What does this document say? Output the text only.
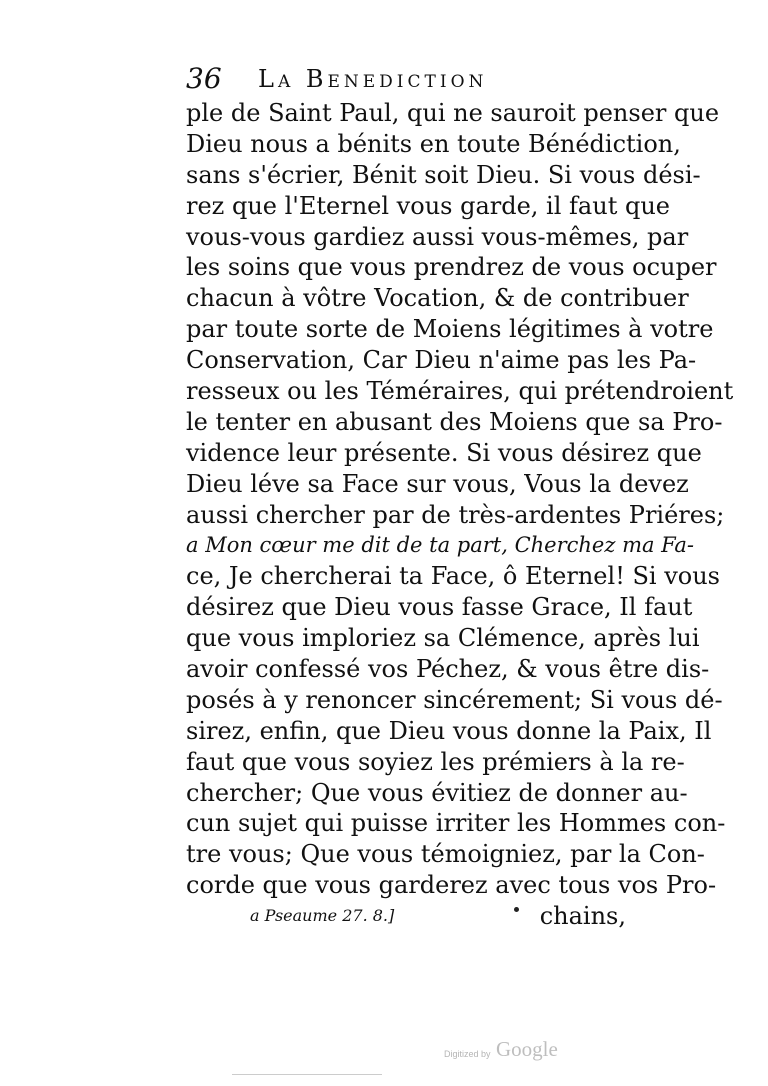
36 La Benediction
ple de Saint Paul, qui ne sauroit penser que
Dieu nous a bénits en toute Bénédiction,
sans s'écrier, Bénit soit Dieu. Si vous dési-
rez que l'Eternel vous garde, il faut que
vous-vous gardiez aussi vous-mêmes, par
les soins que vous prendrez de vous ocuper
chacun à vôtre Vocation, & de contribuer
par toute sorte de Moiens légitimes à votre
Conservation, Car Dieu n'aime pas les Pa-
resseux ou les Téméraires, qui prétendroient
le tenter en abusant des Moiens que sa Pro-
vidence leur présente. Si vous désirez que
Dieu léve sa Face sur vous, Vous la devez
aussi chercher par de très-ardentes Priéres;
a Mon cœur me dit de ta part, Cherchez ma Fa-
ce, Je chercherai ta Face, ô Eternel! Si vous
désirez que Dieu vous fasse Grace, Il faut
que vous imploriez sa Clémence, après lui
avoir confessé vos Péchez, & vous être dis-
posés à y renoncer sincérement; Si vous dé-
sirez, enfin, que Dieu vous donne la Paix, Il
faut que vous soyiez les prémiers à la re-
chercher; Que vous évitiez de donner au-
cun sujet qui puisse irriter les Hommes con-
tre vous; Que vous témoigniez, par la Con-
corde que vous garderez avec tous vos Pro-
chains,
a Pseaume 27. 8.]
Digitized by Google
